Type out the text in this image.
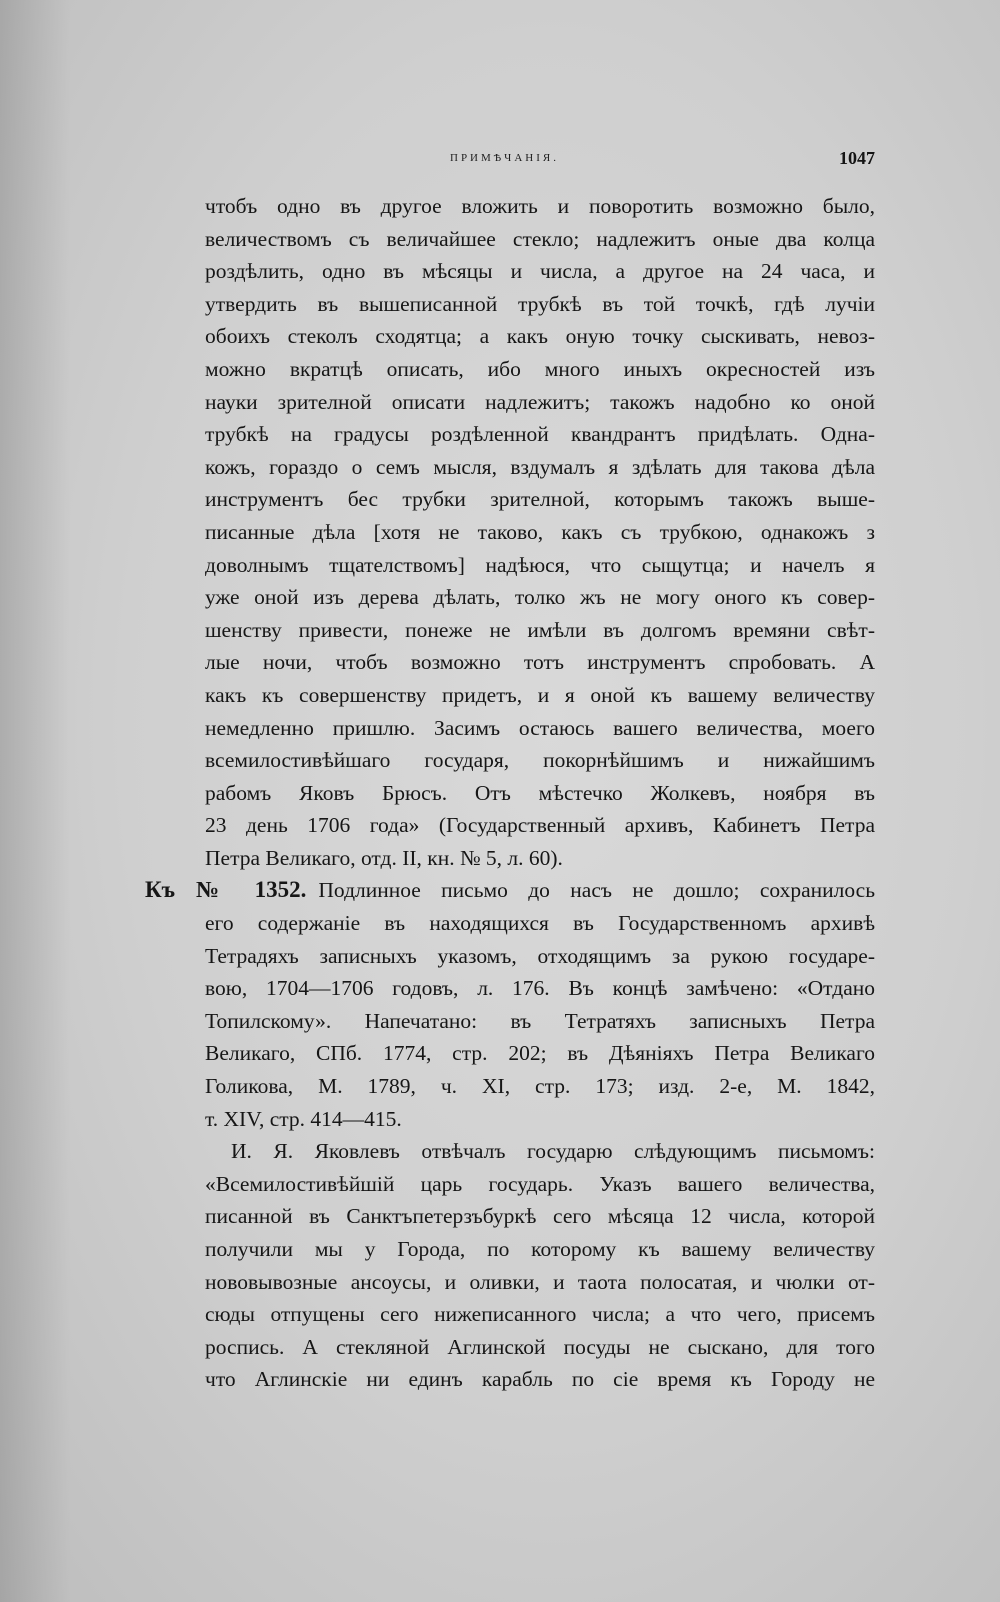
ПРИМѢЧАНІЯ.	1047
чтобъ одно въ другое вложить и поворотить возможно было,
величествомъ съ величайшее стекло; надлежитъ оные два колца
роздѣлить, одно въ мѣсяцы и числа, а другое на 24 часа, и
утвердить въ вышеписанной трубкѣ въ той точкѣ, гдѣ лучіи
обоихъ стеколъ сходятца; а какъ оную точку сыскивать, невоз-
можно вкратцѣ описать, ибо много иныхъ окресностей изъ
науки зрителной описати надлежитъ; такожъ надобно ко оной
трубкѣ на градусы роздѣленной квандрантъ придѣлать. Одна-
кожъ, гораздо о семъ мысля, вздумалъ я здѣлать для такова дѣла
инструментъ бес трубки зрителной, которымъ такожъ выше-
писанные дѣла [хотя не таково, какъ съ трубкою, однакожъ з
доволнымъ тщателствомъ] надѣюся, что сыщутца; и начелъ я
уже оной изъ дерева дѣлать, толко жъ не могу оного къ совер-
шенству привести, понеже не имѣли въ долгомъ времяни свѣт-
лые ночи, чтобъ возможно тотъ инструментъ спробовать. А
какъ къ совершенству придетъ, и я оной къ вашему величеству
немедленно пришлю. Засимъ остаюсь вашего величества, моего
всемилостивѣйшаго государя, покорнѣйшимъ и нижайшимъ
рабомъ Яковъ Брюсъ. Отъ мѣстечко Жолкевъ, ноября въ
23 день 1706 года» (Государственный архивъ, Кабинетъ Петра
Петра Великаго, отд. II, кн. № 5, л. 60).
Къ № 1352. Подлинное письмо до насъ не дошло; сохранилось
его содержаніе въ находящихся въ Государственномъ архивѣ
Тетрадяхъ записныхъ указомъ, отходящимъ за рукою государе-
вою, 1704—1706 годовъ, л. 176. Въ концѣ замѣчено: «Отдано
Топилскому». Напечатано: въ Тетратяхъ записныхъ Петра
Великаго, СПб. 1774, стр. 202; въ Дѣяніяхъ Петра Великаго
Голикова, М. 1789, ч. XI, стр. 173; изд. 2-е, М. 1842,
т. XIV, стр. 414—415.
И. Я. Яковлевъ отвѣчалъ государю слѣдующимъ письмомъ:
«Всемилостивѣйшій царь государь. Указъ вашего величества,
писанной въ Санктъпетерзъбуркѣ сего мѣсяца 12 числа, которой
получили мы у Города, по которому къ вашему величеству
нововывозные ансоусы, и оливки, и таота полосатая, и чюлки от-
сюды отпущены сего нижеписанного числа; а что чего, присемъ
роспись. А стекляной Аглинской посуды не сыскано, для того
что Аглинскіе ни единъ карабль по сіе время къ Городу не
